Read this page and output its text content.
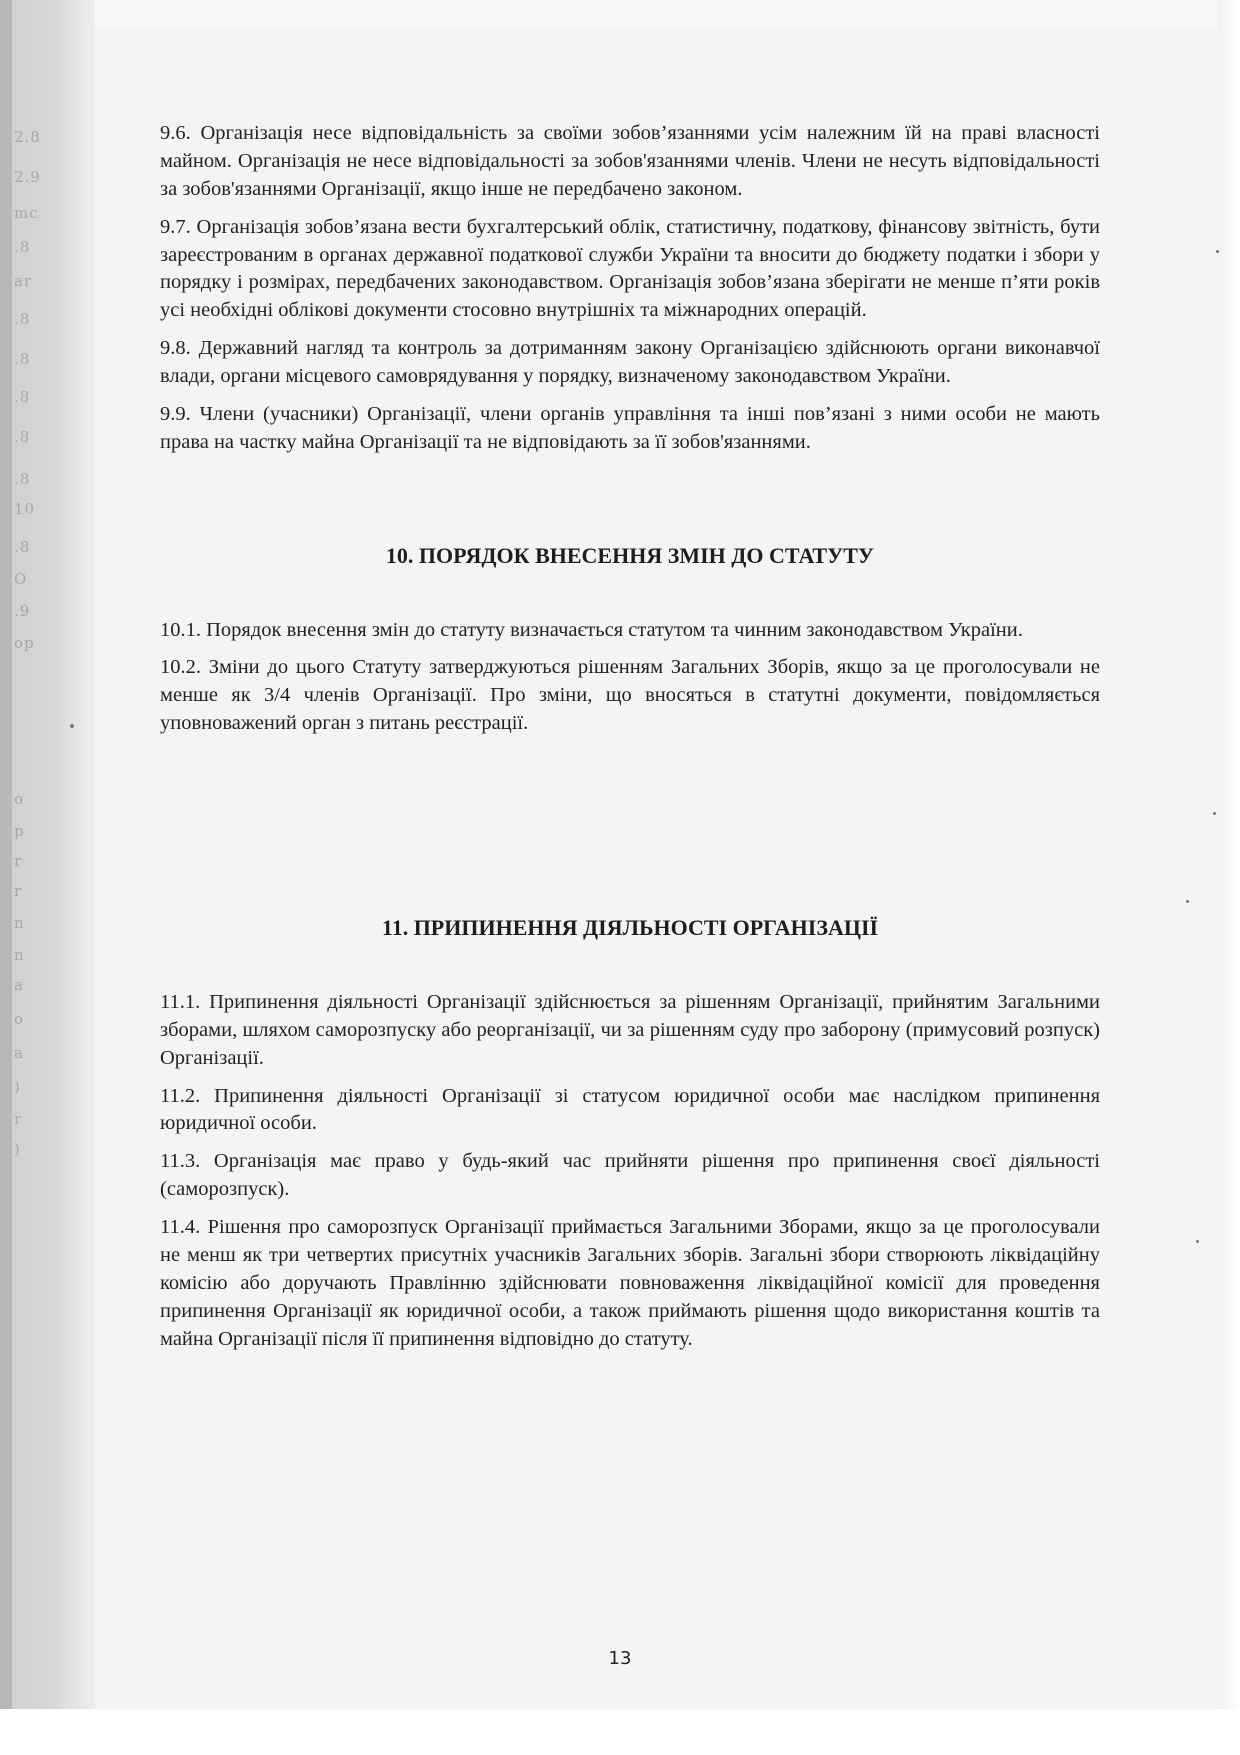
2.8
2.9
mc
.8
ar
.8
.8
.8
.8
.8
10
.8
O
.9
op
o
p
r
r
n
n
a
o
a
)
r
)

9.6. Організація несе відповідальність за своїми зобов’язаннями усім належним їй на праві власності майном. Організація не несе відповідальності за зобов'язаннями членів. Члени не несуть відповідальності за зобов'язаннями Організації, якщо інше не передбачено законом.

9.7. Організація зобов’язана вести бухгалтерський облік, статистичну, податкову, фінансову звітність, бути зареєстрованим в органах державної податкової служби України та вносити до бюджету податки і збори у порядку і розмірах, передбачених законодавством. Організація зобов’язана зберігати не менше п’яти років усі необхідні облікові документи стосовно внутрішніх та міжнародних операцій.

9.8. Державний нагляд та контроль за дотриманням закону Організацією здійснюють органи виконавчої влади, органи місцевого самоврядування у порядку, визначеному законодавством України.

9.9. Члени (учасники) Організації, члени органів управління та інші пов’язані з ними особи не мають права на частку майна Організації та не відповідають за її зобов'язаннями.

10. ПОРЯДОК ВНЕСЕННЯ ЗМІН ДО СТАТУТУ

10.1. Порядок внесення змін до статуту визначається статутом та чинним законодавством України.

10.2. Зміни до цього Статуту затверджуються рішенням Загальних Зборів, якщо за це проголосували не менше як 3/4 членів Організації. Про зміни, що вносяться в статутні документи, повідомляється уповноважений орган з питань реєстрації.

11. ПРИПИНЕННЯ ДІЯЛЬНОСТІ ОРГАНІЗАЦІЇ

11.1. Припинення діяльності Організації здійснюється за рішенням Організації, прийнятим Загальними зборами, шляхом саморозпуску або реорганізації, чи за рішенням суду про заборону (примусовий розпуск) Організації.

11.2. Припинення діяльності Організації зі статусом юридичної особи має наслідком припинення юридичної особи.

11.3. Організація має право у будь-який час прийняти рішення про припинення своєї діяльності (саморозпуск).

11.4. Рішення про саморозпуск Організації приймається Загальними Зборами, якщо за це проголосували не менш як три четвертих присутніх учасників Загальних зборів. Загальні збори створюють ліквідаційну комісію або доручають Правлінню здійснювати повноваження ліквідаційної комісії для проведення припинення Організації як юридичної особи, а також приймають рішення щодо використання коштів та майна Організації після її припинення відповідно до статуту.

13
